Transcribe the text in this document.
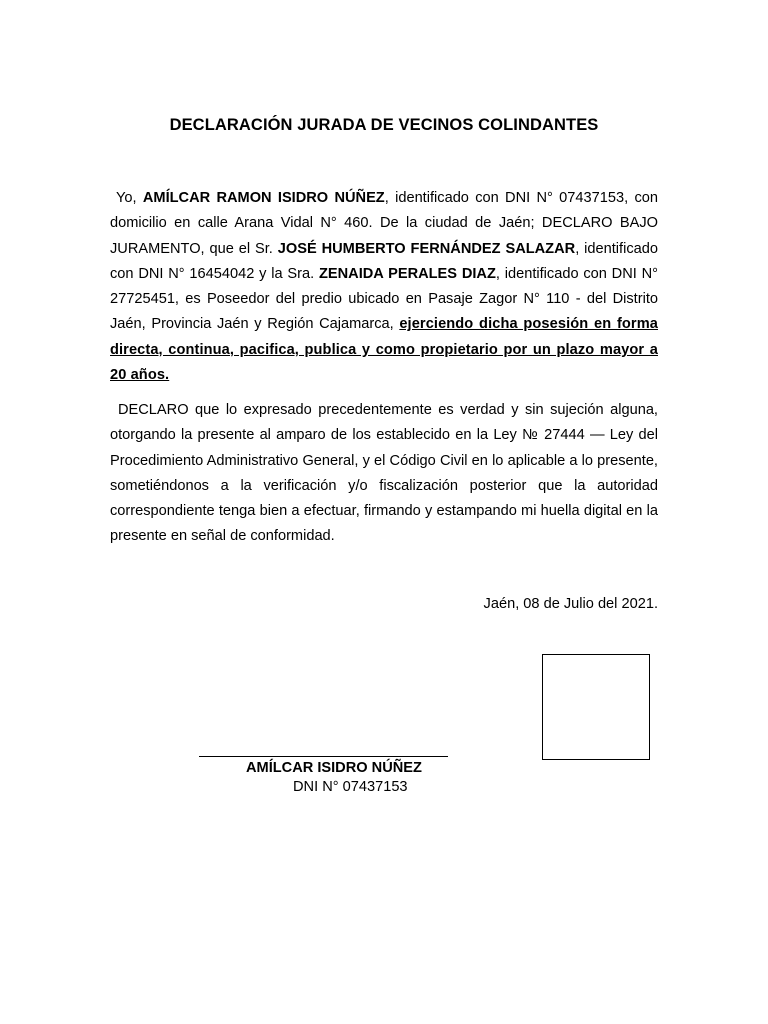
DECLARACIÓN JURADA DE VECINOS COLINDANTES

Yo, AMÍLCAR RAMON ISIDRO NÚÑEZ, identificado con DNI N° 07437153, con domicilio en calle Arana Vidal N° 460. De la ciudad de Jaén; DECLARO BAJO JURAMENTO, que el Sr. JOSÉ HUMBERTO FERNÁNDEZ SALAZAR, identificado con DNI N° 16454042 y la Sra. ZENAIDA PERALES DIAZ, identificado con DNI N° 27725451, es Poseedor del predio ubicado en Pasaje Zagor N° 110 - del Distrito Jaén, Provincia Jaén y Región Cajamarca, ejerciendo dicha posesión en forma directa, continua, pacifica, publica y como propietario por un plazo mayor a 20 años.

DECLARO que lo expresado precedentemente es verdad y sin sujeción alguna, otorgando la presente al amparo de los establecido en la Ley № 27444 — Ley del Procedimiento Administrativo General, y el Código Civil en lo aplicable a lo presente, sometiéndonos a la verificación y/o fiscalización posterior que la autoridad correspondiente tenga bien a efectuar, firmando y estampando mi huella digital en la presente en señal de conformidad.

Jaén, 08 de Julio del 2021.
AMÍLCAR ISIDRO NÚÑEZ
DNI N° 07437153
